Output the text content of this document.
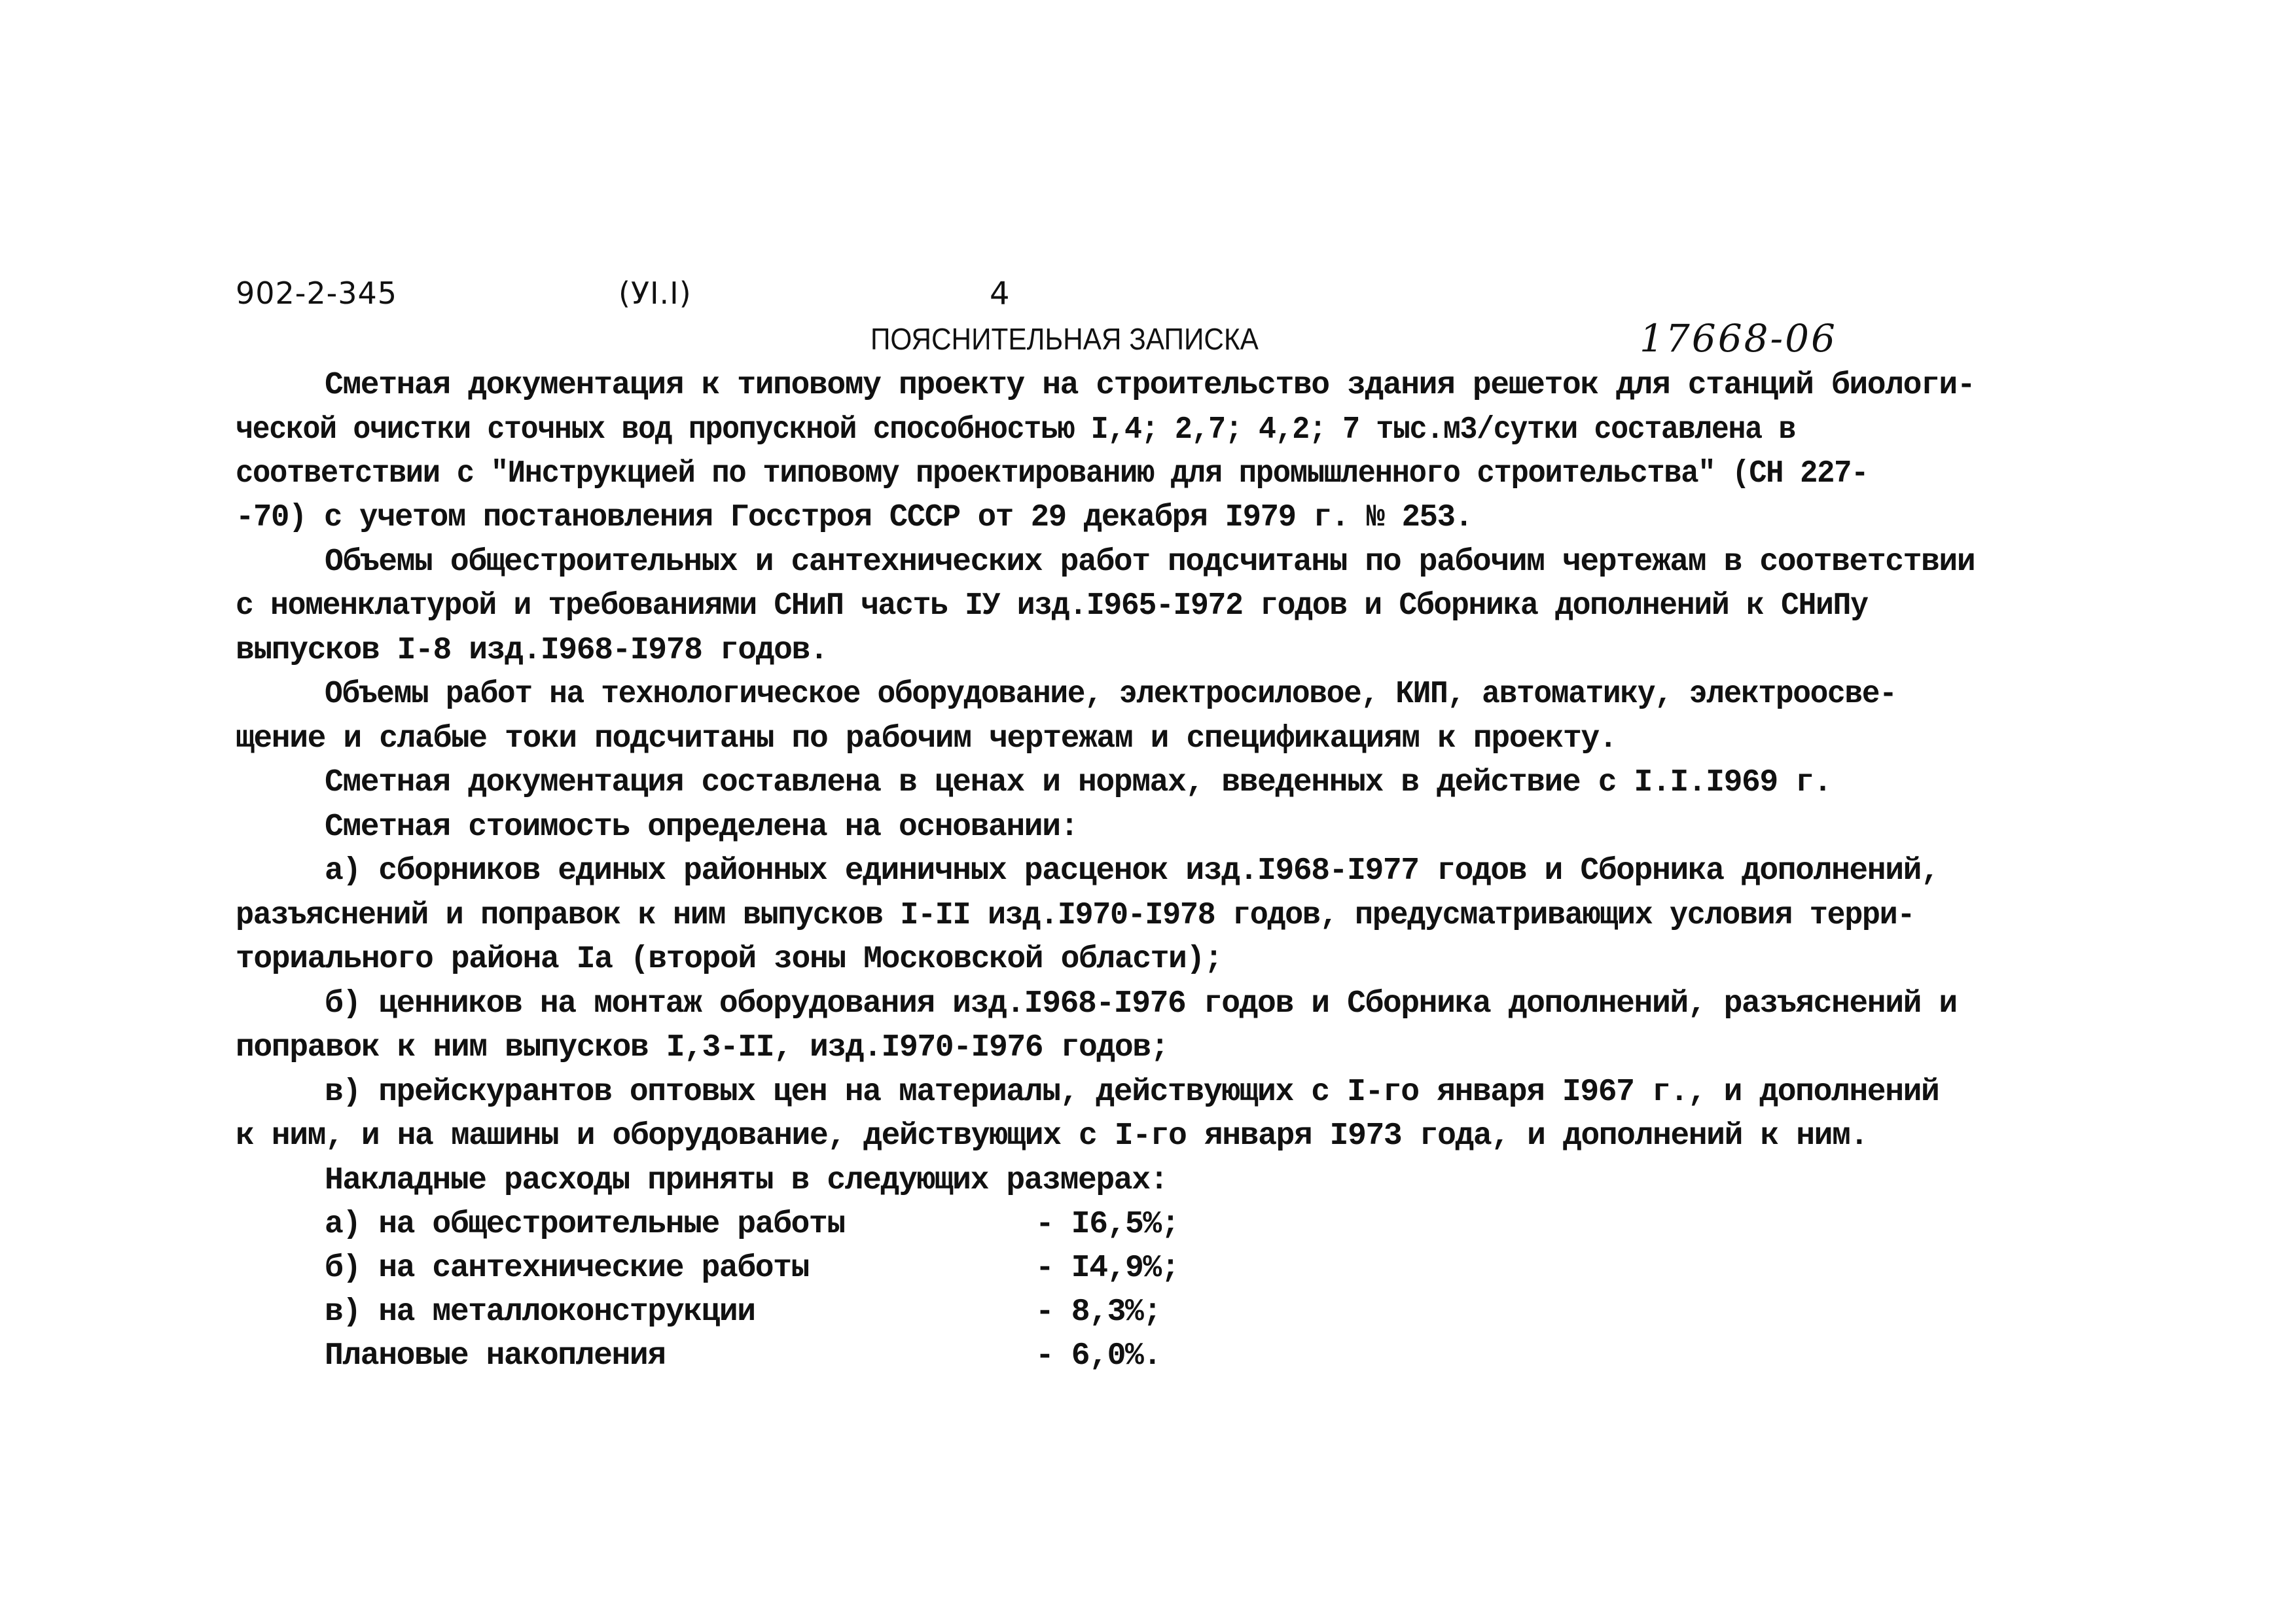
902-2-345	(УI.I)	4
ПОЯСНИТЕЛЬНАЯ ЗАПИСКА	17668-06
Сметная документация к типовому проекту на строительство здания решеток для станций биологи-
ческой очистки сточных вод пропускной способностью I,4; 2,7; 4,2; 7 тыс.м3/сутки составлена в
соответствии с "Инструкцией по типовому проектированию для промышленного строительства" (СН 227-
-70) с учетом постановления Госстроя СССР от 29 декабря I979 г. № 253.
Объемы общестроительных и сантехнических работ подсчитаны по рабочим чертежам в соответствии
с номенклатурой и требованиями СНиП часть IУ изд.I965-I972 годов и Сборника дополнений к СНиПу
выпусков I-8 изд.I968-I978 годов.
Объемы работ на технологическое оборудование, электросиловое, КИП, автоматику, электроосве-
щение и слабые токи подсчитаны по рабочим чертежам и спецификациям к проекту.
Сметная документация составлена в ценах и нормах, введенных в действие с I.I.I969 г.
Сметная стоимость определена на основании:
а) сборников единых районных единичных расценок изд.I968-I977 годов и Сборника дополнений,
разъяснений и поправок к ним выпусков I-II изд.I970-I978 годов, предусматривающих условия терри-
ториального района Iа (второй зоны Московской области);
б) ценников на монтаж оборудования изд.I968-I976 годов и Сборника дополнений, разъяснений и
поправок к ним выпусков I,3-II, изд.I970-I976 годов;
в) прейскурантов оптовых цен на материалы, действующих с I-го января I967 г., и дополнений
к ним, и на машины и оборудование, действующих с I-го января I973 года, и дополнений к ним.
Накладные расходы приняты в следующих размерах:
а) на общестроительные работы	- I6,5%;
б) на сантехнические работы	- I4,9%;
в) на металлоконструкции	- 8,3%;
Плановые накопления	- 6,0%.
